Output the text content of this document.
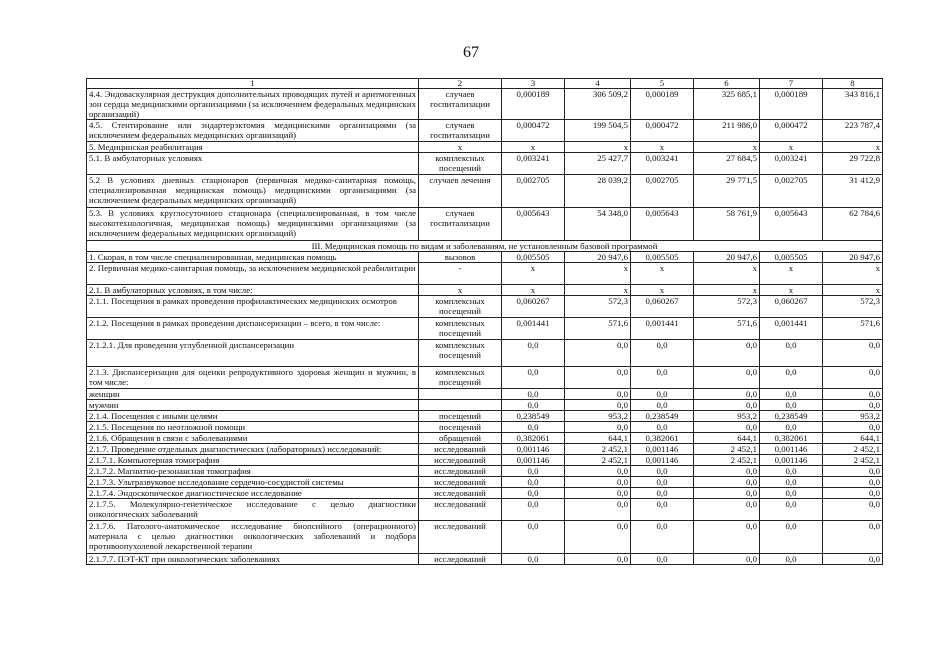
67
1	2	3	4	5	6	7	8
4.4. Эндоваскулярная деструкция дополнительных проводящих путей и аритмогенных зон сердца медицинскими организациями (за исключением федеральных медицинских организаций)	случаев госпитализации	0,000189	306 509,2	0,000189	325 685,1	0,000189	343 816,1
4.5. Стентирование или эндартерэктомия медицинскими организациями (за исключением федеральных медицинских организаций)	случаев госпитализации	0,000472	199 504,5	0,000472	211 986,0	0,000472	223 787,4
5. Медицинская реабилитация	x	x	x	x	x	x	x
5.1. В амбулаторных условиях	комплексных посещений	0,003241	25 427,7	0,003241	27 684,5	0,003241	29 722,8
5.2 В условиях дневных стационаров (первичная медико-санитарная помощь, специализированная медицинская помощь) медицинскими организациями (за исключением федеральных медицинских организаций)	случаев лечения	0,002705	28 039,2	0,002705	29 771,5	0,002705	31 412,9
5.3. В условиях круглосуточного стационара (специализированная, в том числе высокотехнологичная, медицинская помощь) медицинскими организациями (за исключением федеральных медицинских организаций)	случаев госпитализации	0,005643	54 348,0	0,005643	58 761,9	0,005643	62 784,6
III. Медицинская помощь по видам и заболеваниям, не установленным базовой программой							
1. Скорая, в том числе специализированная, медицинская помощь	вызовов	0,005505	20 947,6	0,005505	20 947,6	0,005505	20 947,6
2. Первичная медико-санитарная помощь, за исключением медицинской реабилитации	-	x	x	x	x	x	x
2.1. В амбулаторных условиях, в том числе:	x	x	x	x	x	x	x
2.1.1. Посещения в рамках проведения профилактических медицинских осмотров	комплексных посещений	0,060267	572,3	0,060267	572,3	0,060267	572,3
2.1.2. Посещения в рамках проведения диспансеризации – всего, в том числе:	комплексных посещений	0,001441	571,6	0,001441	571,6	0,001441	571,6
2.1.2.1. Для проведения углубленной диспансеризации	комплексных посещений	0,0	0,0	0,0	0,0	0,0	0,0
2.1.3. Диспансеризация для оценки репродуктивного здоровья женщин и мужчин, в том числе:	комплексных посещений	0,0	0,0	0,0	0,0	0,0	0,0
женщин		0,0	0,0	0,0	0,0	0,0	0,0
мужчин		0,0	0,0	0,0	0,0	0,0	0,0
2.1.4. Посещения с иными целями	посещений	0,238549	953,2	0,238549	953,2	0,238549	953,2
2.1.5. Посещения по неотложной помощи	посещений	0,0	0,0	0,0	0,0	0,0	0,0
2.1.6. Обращения в связи с заболеваниями	обращений	0,382061	644,1	0,382061	644,1	0,382061	644,1
2.1.7. Проведение отдельных диагностических (лабораторных) исследований:	исследований	0,001146	2 452,1	0,001146	2 452,1	0,001146	2 452,1
2.1.7.1. Компьютерная томография	исследований	0,001146	2 452,1	0,001146	2 452,1	0,001146	2 452,1
2.1.7.2. Магнитно-резонансная томография	исследований	0,0	0,0	0,0	0,0	0,0	0,0
2.1.7.3. Ультразвуковое исследование сердечно-сосудистой системы	исследований	0,0	0,0	0,0	0,0	0,0	0,0
2.1.7.4. Эндоскопическое диагностическое исследование	исследований	0,0	0,0	0,0	0,0	0,0	0,0
2.1.7.5. Молекулярно-генетическое исследование с целью диагностики онкологических заболеваний	исследований	0,0	0,0	0,0	0,0	0,0	0,0
2.1.7.6. Патолого-анатомическое исследование биопсийного (операционного) материала с целью диагностики онкологических заболеваний и подбора противоопухолевой лекарственной терапии	исследований	0,0	0,0	0,0	0,0	0,0	0,0
2.1.7.7. ПЭТ-КТ при онкологических заболеваниях	исследований	0,0	0,0	0,0	0,0	0,0	0,0
